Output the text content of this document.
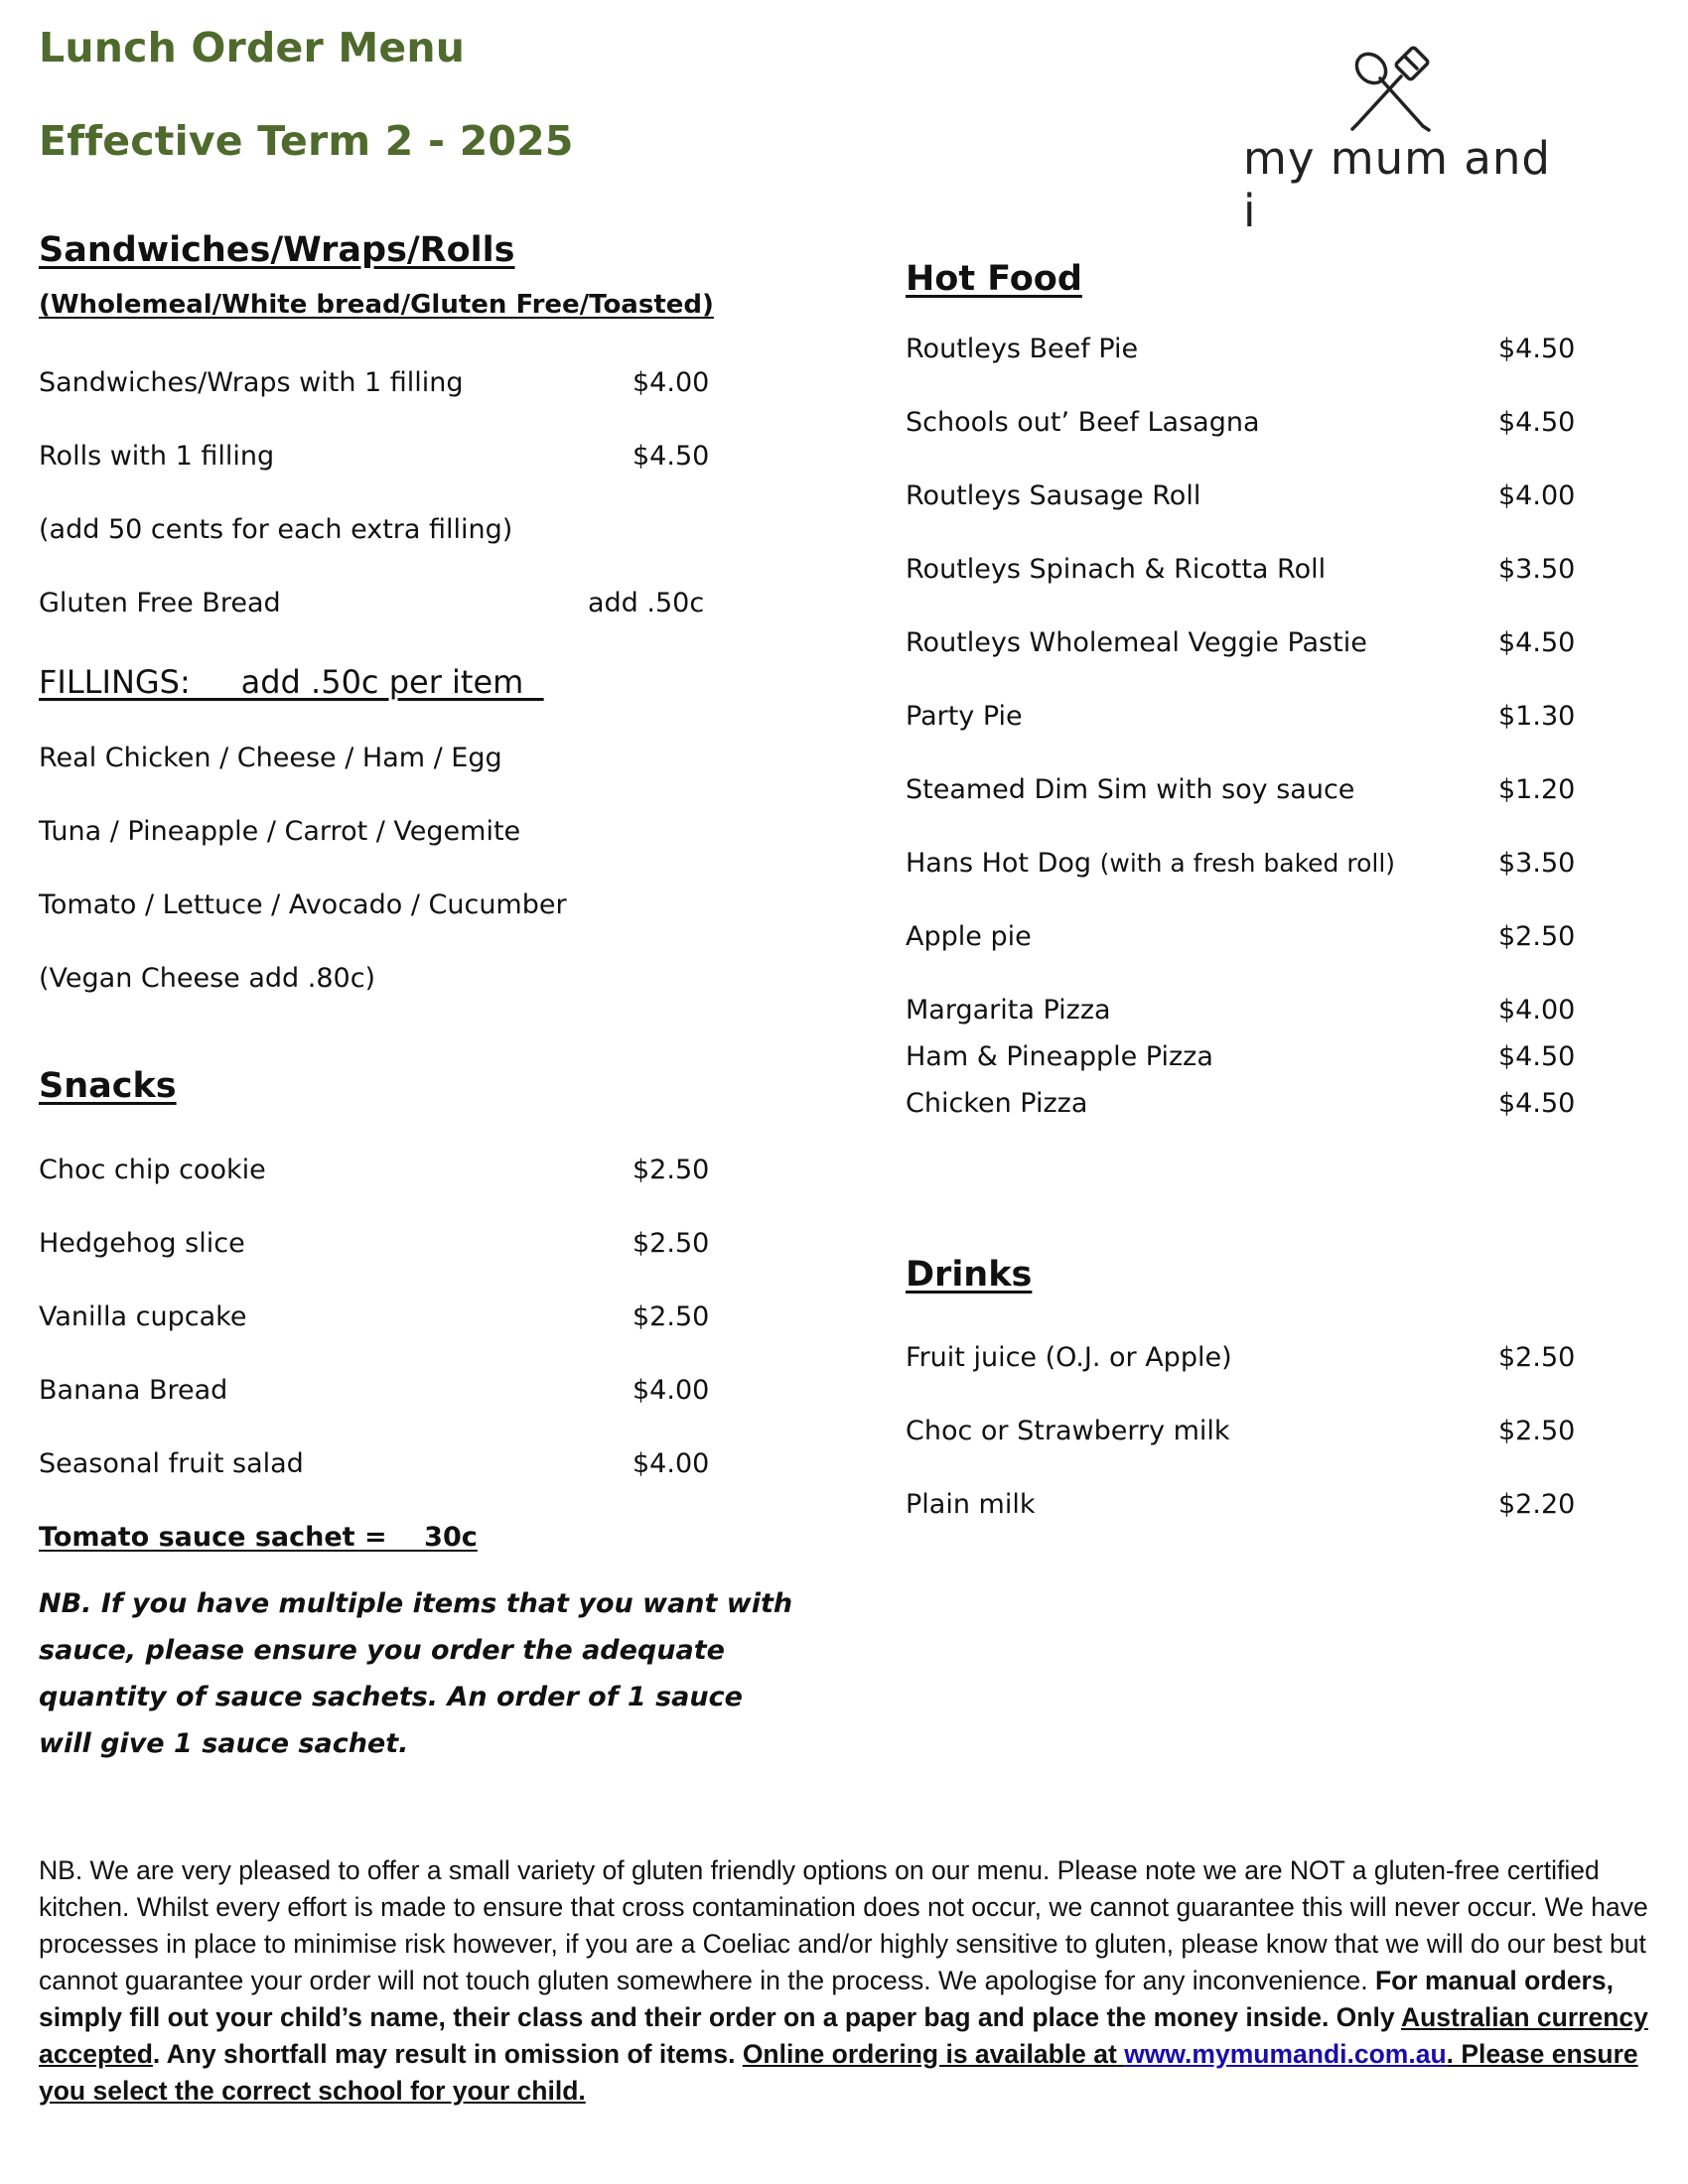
Lunch Order Menu
Effective Term 2 - 2025	my mum and i
Sandwiches/Wraps/Rolls
(Wholemeal/White bread/Gluten Free/Toasted)
Sandwiches/Wraps with 1 filling	$4.00
Rolls with 1 filling	$4.50
(add 50 cents for each extra filling)
Gluten Free Bread	add .50c
FILLINGS:     add .50c per item
Real Chicken / Cheese / Ham / Egg
Tuna / Pineapple / Carrot / Vegemite
Tomato / Lettuce / Avocado / Cucumber
(Vegan Cheese add .80c)
Snacks
Choc chip cookie	$2.50
Hedgehog slice	$2.50
Vanilla cupcake	$2.50
Banana Bread	$4.00
Seasonal fruit salad	$4.00
Tomato sauce sachet =    30c
NB. If you have multiple items that you want with sauce, please ensure you order the adequate quantity of sauce sachets. An order of 1 sauce will give 1 sauce sachet.
Hot Food
Routleys Beef Pie	$4.50
Schools out’ Beef Lasagna	$4.50
Routleys Sausage Roll	$4.00
Routleys Spinach & Ricotta Roll	$3.50
Routleys Wholemeal Veggie Pastie	$4.50
Party Pie	$1.30
Steamed Dim Sim with soy sauce	$1.20
Hans Hot Dog (with a fresh baked roll)	$3.50
Apple pie	$2.50
Margarita Pizza	$4.00
Ham & Pineapple Pizza	$4.50
Chicken Pizza	$4.50
Drinks
Fruit juice (O.J. or Apple)	$2.50
Choc or Strawberry milk	$2.50
Plain milk	$2.20
NB. We are very pleased to offer a small variety of gluten friendly options on our menu. Please note we are NOT a gluten-free certified kitchen. Whilst every effort is made to ensure that cross contamination does not occur, we cannot guarantee this will never occur. We have processes in place to minimise risk however, if you are a Coeliac and/or highly sensitive to gluten, please know that we will do our best but cannot guarantee your order will not touch gluten somewhere in the process. We apologise for any inconvenience. For manual orders, simply fill out your child’s name, their class and their order on a paper bag and place the money inside. Only Australian currency accepted. Any shortfall may result in omission of items. Online ordering is available at www.mymumandi.com.au. Please ensure you select the correct school for your child.
